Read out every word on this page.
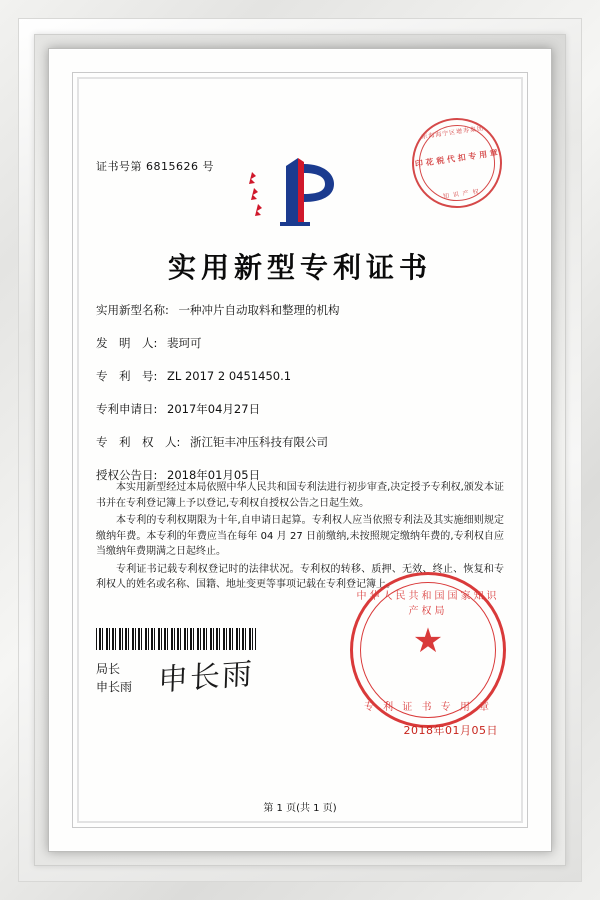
东海海宁区增寿集团
印 花 税 代 扣 专 用 章
知 识 产 权
证书号第 6815626 号
实用新型专利证书
实用新型名称: 一种冲片自动取料和整理的机构
发　明　人: 裴珂可
专　利　号: ZL 2017 2 0451450.1
专利申请日: 2017年04月27日
专　利　权　人: 浙江钜丰冲压科技有限公司
授权公告日: 2018年01月05日

本实用新型经过本局依照中华人民共和国专利法进行初步审查,决定授予专利权,颁发本证书并在专利登记簿上予以登记,专利权自授权公告之日起生效。

本专利的专利权期限为十年,自申请日起算。专利权人应当依照专利法及其实施细则规定缴纳年费。本专利的年费应当在每年 04 月 27 日前缴纳,未按照规定缴纳年费的,专利权自应当缴纳年费期满之日起终止。

专利证书记载专利权登记时的法律状况。专利权的转移、质押、无效、终止、恢复和专利权人的姓名或名称、国籍、地址变更等事项记载在专利登记簿上。

局长
申长雨 申长雨
中华人民共和国国家知识产权局
★
专 利 证 书 专 用 章
2018年01月05日
第 1 页(共 1 页)
